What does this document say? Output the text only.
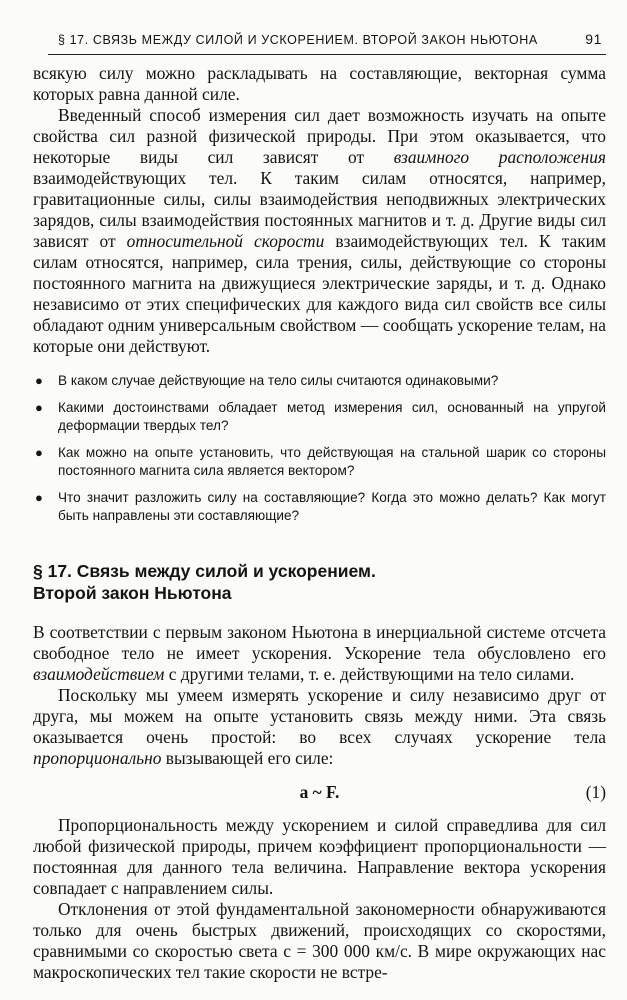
§ 17. СВЯЗЬ МЕЖДУ СИЛОЙ И УСКОРЕНИЕМ. ВТОРОЙ ЗАКОН НЬЮТОНА	91

всякую силу можно раскладывать на составляющие, векторная сумма которых равна данной силе.

Введенный способ измерения сил дает возможность изучать на опыте свойства сил разной физической природы. При этом оказывается, что некоторые виды сил зависят от взаимного расположения взаимодействующих тел. К таким силам относятся, например, гравитационные силы, силы взаимодействия неподвижных электрических зарядов, силы взаимодействия постоянных магнитов и т. д. Другие виды сил зависят от относительной скорости взаимодействующих тел. К таким силам относятся, например, сила трения, силы, действующие со стороны постоянного магнита на движущиеся электрические заряды, и т. д. Однако независимо от этих специфических для каждого вида сил свойств все силы обладают одним универсальным свойством — сообщать ускорение телам, на которые они действуют.

● В каком случае действующие на тело силы считаются одинаковыми?
● Какими достоинствами обладает метод измерения сил, основанный на упругой деформации твердых тел?
● Как можно на опыте установить, что действующая на стальной шарик со стороны постоянного магнита сила является вектором?
● Что значит разложить силу на составляющие? Когда это можно делать? Как могут быть направлены эти составляющие?
§ 17. Связь между силой и ускорением.
Второй закон Ньютона

В соответствии с первым законом Ньютона в инерциальной системе отсчета свободное тело не имеет ускорения. Ускорение тела обусловлено его взаимодействием с другими телами, т. е. действующими на тело силами.

Поскольку мы умеем измерять ускорение и силу независимо друг от друга, мы можем на опыте установить связь между ними. Эта связь оказывается очень простой: во всех случаях ускорение тела пропорционально вызывающей его силе:

a ~ F.	(1)

Пропорциональность между ускорением и силой справедлива для сил любой физической природы, причем коэффициент пропорциональности — постоянная для данного тела величина. Направление вектора ускорения совпадает с направлением силы.

Отклонения от этой фундаментальной закономерности обнаруживаются только для очень быстрых движений, происходящих со скоростями, сравнимыми со скоростью света c = 300 000 км/с. В мире окружающих нас макроскопических тел такие скорости не встре-
